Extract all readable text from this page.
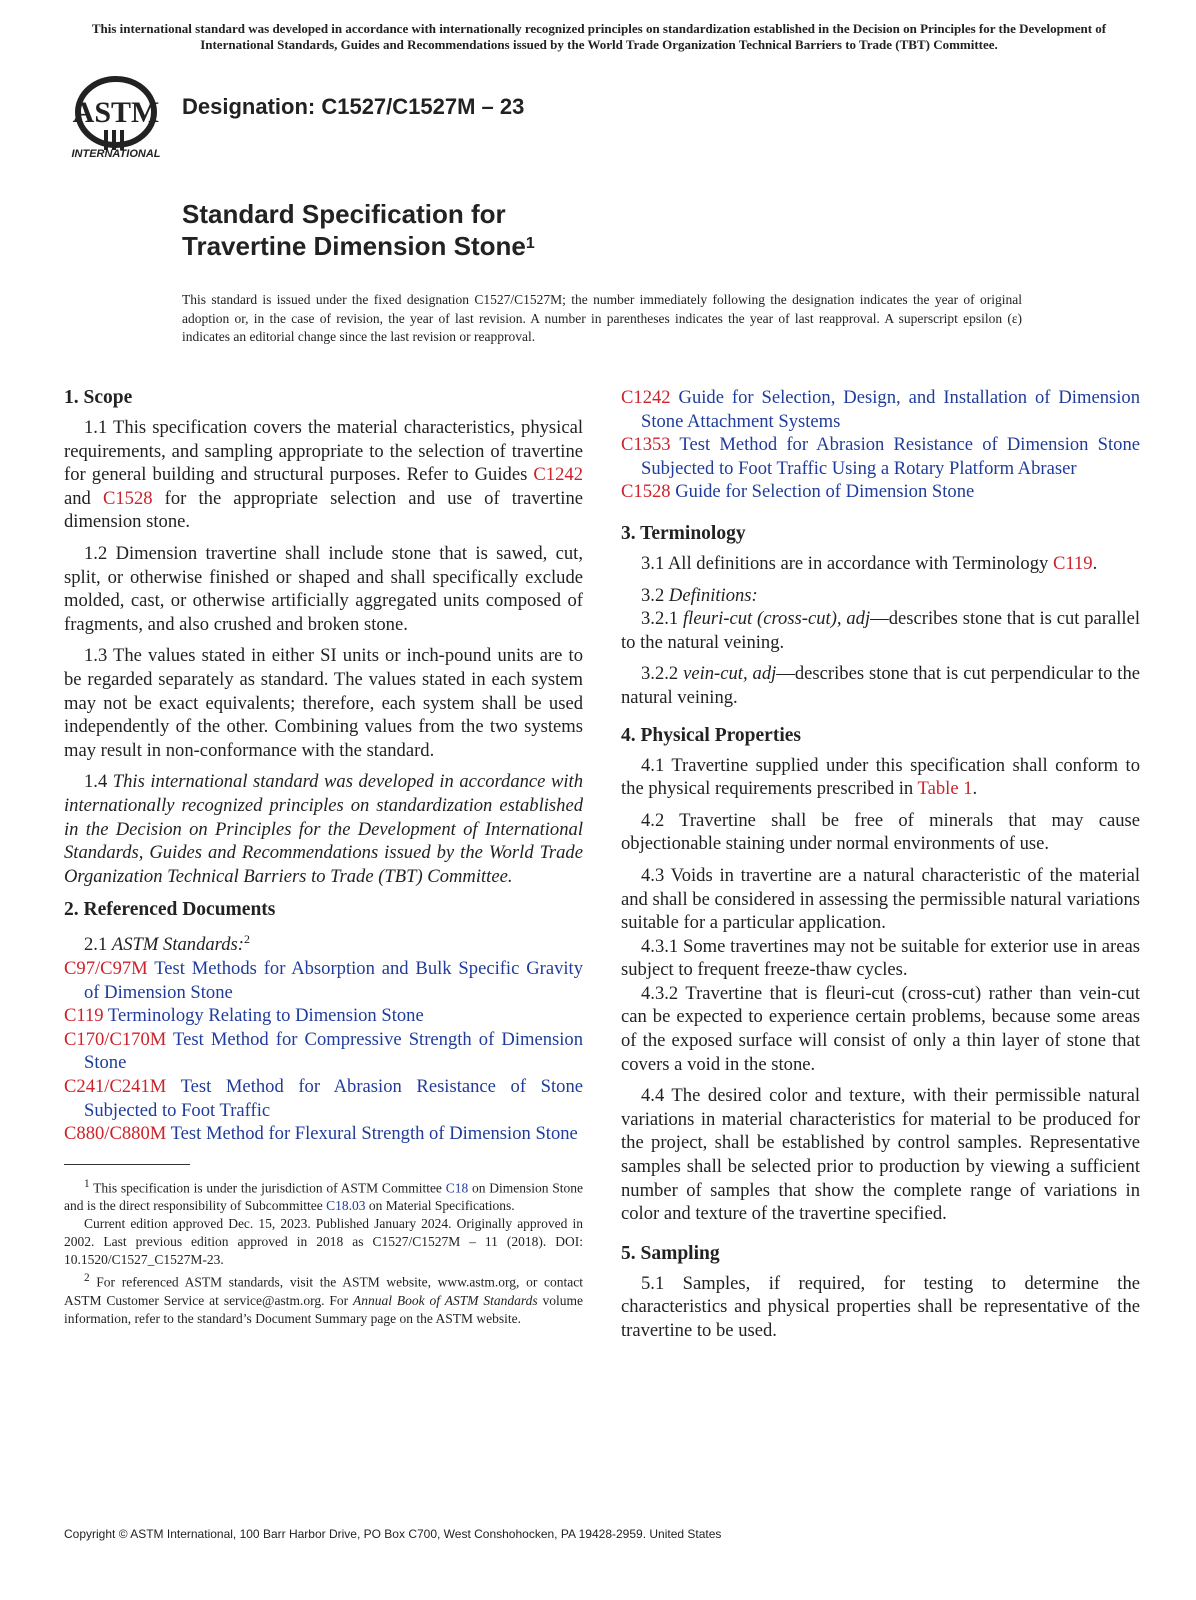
This international standard was developed in accordance with internationally recognized principles on standardization established in the Decision on Principles for the Development of International Standards, Guides and Recommendations issued by the World Trade Organization Technical Barriers to Trade (TBT) Committee.
ASTM
INTERNATIONAL
Designation: C1527/C1527M – 23
Standard Specification for
Travertine Dimension Stone$^1$
This standard is issued under the fixed designation C1527/C1527M; the number immediately following the designation indicates the year of original adoption or, in the case of revision, the year of last revision. A number in parentheses indicates the year of last reapproval. A superscript epsilon (ε) indicates an editorial change since the last revision or reapproval.
1. Scope

1.1 This specification covers the material characteristics, physical requirements, and sampling appropriate to the selection of travertine for general building and structural purposes. Refer to Guides C1242 and C1528 for the appropriate selection and use of travertine dimension stone.

1.2 Dimension travertine shall include stone that is sawed, cut, split, or otherwise finished or shaped and shall specifically exclude molded, cast, or otherwise artificially aggregated units composed of fragments, and also crushed and broken stone.

1.3 The values stated in either SI units or inch-pound units are to be regarded separately as standard. The values stated in each system may not be exact equivalents; therefore, each system shall be used independently of the other. Combining values from the two systems may result in non-conformance with the standard.

1.4 This international standard was developed in accordance with internationally recognized principles on standardization established in the Decision on Principles for the Development of International Standards, Guides and Recommendations issued by the World Trade Organization Technical Barriers to Trade (TBT) Committee.

2. Referenced Documents

2.1 ASTM Standards:$^2$

C97/C97M Test Methods for Absorption and Bulk Specific Gravity of Dimension Stone
C119 Terminology Relating to Dimension Stone
C170/C170M Test Method for Compressive Strength of Dimension Stone
C241/C241M Test Method for Abrasion Resistance of Stone Subjected to Foot Traffic
C880/C880M Test Method for Flexural Strength of Dimension Stone

$^1$ This specification is under the jurisdiction of ASTM Committee C18 on Dimension Stone and is the direct responsibility of Subcommittee C18.03 on Material Specifications.

Current edition approved Dec. 15, 2023. Published January 2024. Originally approved in 2002. Last previous edition approved in 2018 as C1527/C1527M – 11 (2018). DOI: 10.1520/C1527_C1527M-23.

$^2$ For referenced ASTM standards, visit the ASTM website, www.astm.org, or contact ASTM Customer Service at service@astm.org. For Annual Book of ASTM Standards volume information, refer to the standard’s Document Summary page on the ASTM website.

C1242 Guide for Selection, Design, and Installation of Dimension Stone Attachment Systems
C1353 Test Method for Abrasion Resistance of Dimension Stone Subjected to Foot Traffic Using a Rotary Platform Abraser
C1528 Guide for Selection of Dimension Stone
3. Terminology

3.1 All definitions are in accordance with Terminology C119.

3.2 Definitions:

3.2.1 fleuri-cut (cross-cut), adj—describes stone that is cut parallel to the natural veining.

3.2.2 vein-cut, adj—describes stone that is cut perpendicular to the natural veining.

4. Physical Properties

4.1 Travertine supplied under this specification shall conform to the physical requirements prescribed in Table 1.

4.2 Travertine shall be free of minerals that may cause objectionable staining under normal environments of use.

4.3 Voids in travertine are a natural characteristic of the material and shall be considered in assessing the permissible natural variations suitable for a particular application.

4.3.1 Some travertines may not be suitable for exterior use in areas subject to frequent freeze-thaw cycles.

4.3.2 Travertine that is fleuri-cut (cross-cut) rather than vein-cut can be expected to experience certain problems, because some areas of the exposed surface will consist of only a thin layer of stone that covers a void in the stone.

4.4 The desired color and texture, with their permissible natural variations in material characteristics for material to be produced for the project, shall be established by control samples. Representative samples shall be selected prior to production by viewing a sufficient number of samples that show the complete range of variations in color and texture of the travertine specified.

5. Sampling

5.1 Samples, if required, for testing to determine the characteristics and physical properties shall be representative of the travertine to be used.

Copyright © ASTM International, 100 Barr Harbor Drive, PO Box C700, West Conshohocken, PA 19428-2959. United States
